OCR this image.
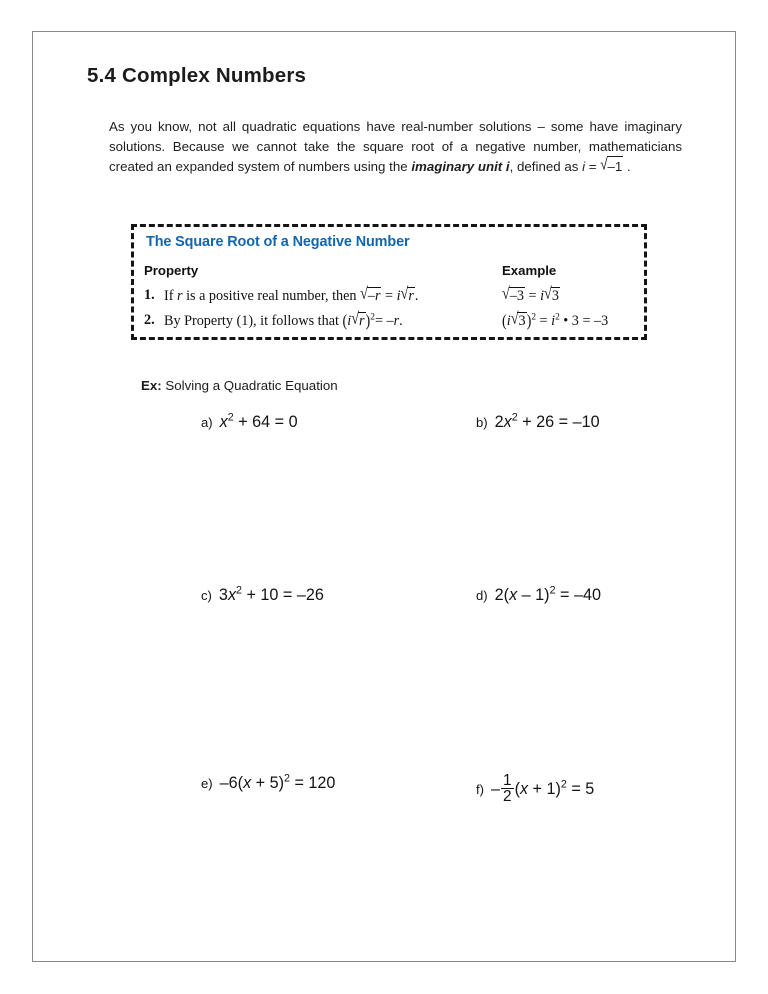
5.4 Complex Numbers
As you know, not all quadratic equations have real-number solutions – some have imaginary solutions. Because we cannot take the square root of a negative number, mathematicians created an expanded system of numbers using the imaginary unit i, defined as i = √–1 .
The Square Root of a Negative Number
Property	Example
1. If r is a positive real number, then √–r = i√r.	√–3 = i√3
2. By Property (1), it follows that $(i√r)^2= -r$.	$(i√3)^2 = i^2$ • 3 = –3
Ex: Solving a Quadratic Equation
a) $x^2 + 64 = 0$	b) $2x^2 + 26 = -10$
c) $3x^2 + 10 = -26$	d) 2(x – 1)$^2$ = –40
e) $-6(x + 5)^2 = 120$	$f) - \frac{1}{2} (x + 1)^2 = 5$
